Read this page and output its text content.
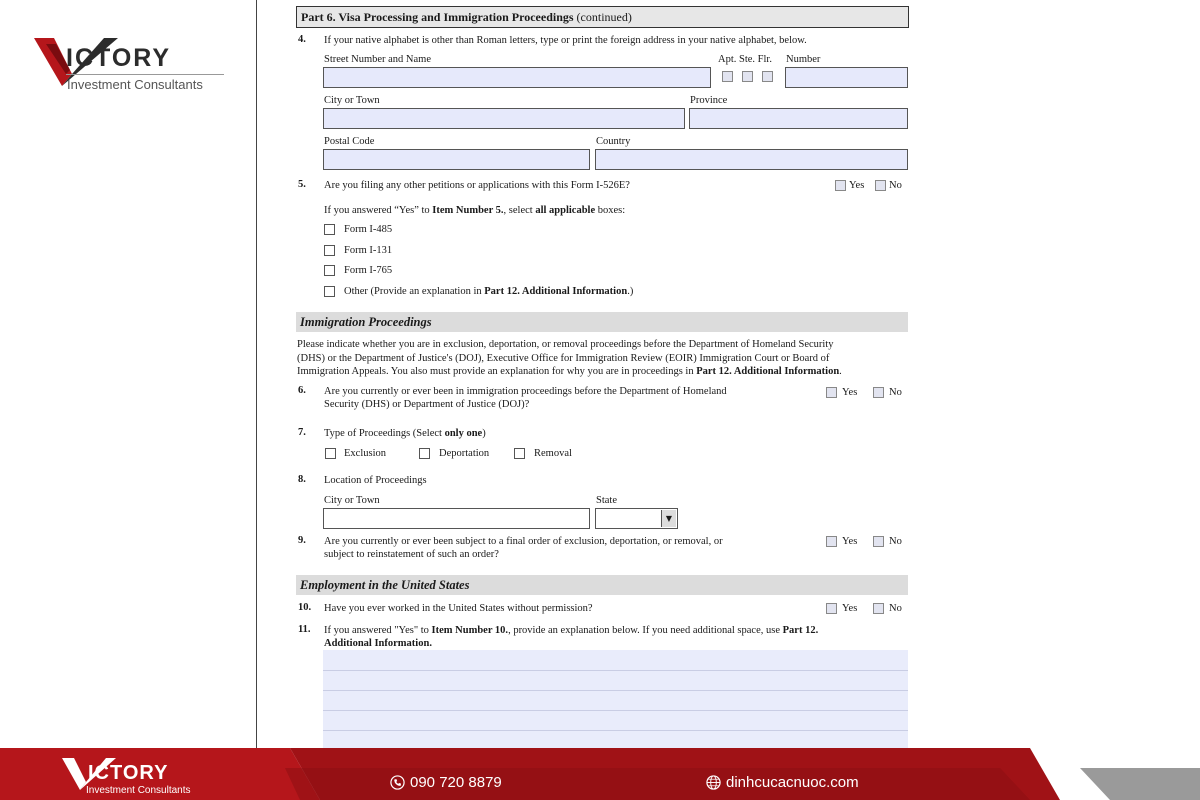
ICTORY
Investment Consultants
Part 6. Visa Processing and Immigration Proceedings (continued)
4. If your native alphabet is other than Roman letters, type or print the foreign address in your native alphabet, below.
Street Number and Name	Apt. Ste. Flr. Number
City or Town	Province
Postal Code	Country
5. Are you filing any other petitions or applications with this Form I-526E?	Yes No
If you answered “Yes” to Item Number 5., select all applicable boxes:
Form I-485
Form I-131
Form I-765
Other (Provide an explanation in Part 12. Additional Information.)
Immigration Proceedings
Please indicate whether you are in exclusion, deportation, or removal proceedings before the Department of Homeland Security
(DHS) or the Department of Justice's (DOJ), Executive Office for Immigration Review (EOIR) Immigration Court or Board of
Immigration Appeals. You also must provide an explanation for why you are in proceedings in Part 12. Additional Information.
6. Are you currently or ever been in immigration proceedings before the Department of Homeland
Security (DHS) or Department of Justice (DOJ)?
Yes	No
7. Type of Proceedings (Select only one)
Exclusion	Deportation	Removal
8. Location of Proceedings
City or Town	State
▼
9. Are you currently or ever been subject to a final order of exclusion, deportation, or removal, or
subject to reinstatement of such an order?
Yes	No
Employment in the United States
10. Have you ever worked in the United States without permission?	Yes	No
11. If you answered "Yes" to Item Number 10., provide an explanation below. If you need additional space, use Part 12.
Additional Information.
ICTORY
Investment Consultants	090 720 8879	dinhcucacnuoc.com
